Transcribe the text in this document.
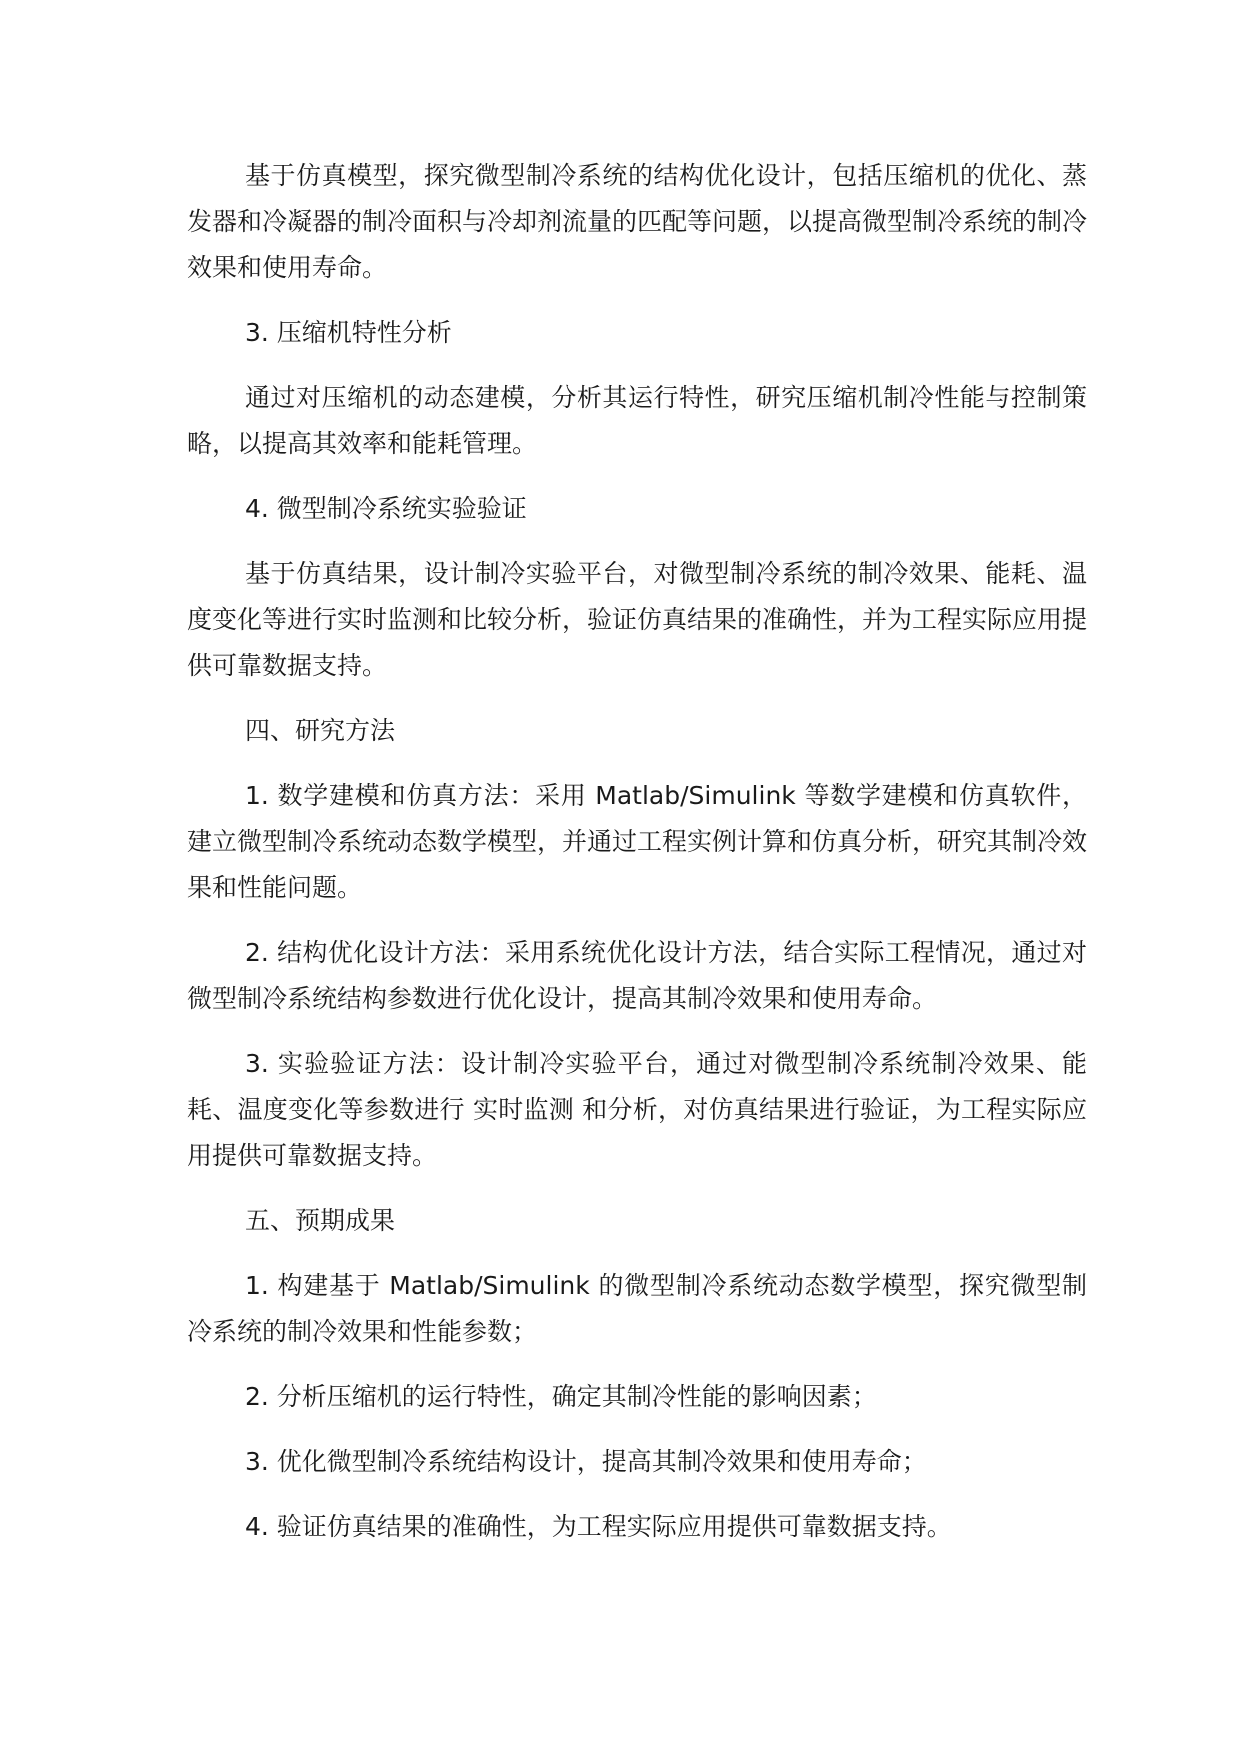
基于仿真模型，探究微型制冷系统的结构优化设计，包括压缩机的优化、蒸发器和冷凝器的制冷面积与冷却剂流量的匹配等问题，以提高微型制冷系统的制冷效果和使用寿命。

3. 压缩机特性分析

通过对压缩机的动态建模，分析其运行特性，研究压缩机制冷性能与控制策略，以提高其效率和能耗管理。

4. 微型制冷系统实验验证

基于仿真结果，设计制冷实验平台，对微型制冷系统的制冷效果、能耗、温度变化等进行实时监测和比较分析，验证仿真结果的准确性，并为工程实际应用提供可靠数据支持。

四、研究方法

1. 数学建模和仿真方法：采用 Matlab/Simulink 等数学建模和仿真软件，建立微型制冷系统动态数学模型，并通过工程实例计算和仿真分析，研究其制冷效果和性能问题。

2. 结构优化设计方法：采用系统优化设计方法，结合实际工程情况，通过对微型制冷系统结构参数进行优化设计，提高其制冷效果和使用寿命。

3. 实验验证方法：设计制冷实验平台，通过对微型制冷系统制冷效果、能耗、温度变化等参数进行 实时监测 和分析，对仿真结果进行验证，为工程实际应用提供可靠数据支持。

五、预期成果

1. 构建基于 Matlab/Simulink 的微型制冷系统动态数学模型，探究微型制冷系统的制冷效果和性能参数；

2. 分析压缩机的运行特性，确定其制冷性能的影响因素；

3. 优化微型制冷系统结构设计，提高其制冷效果和使用寿命；

4. 验证仿真结果的准确性，为工程实际应用提供可靠数据支持。
